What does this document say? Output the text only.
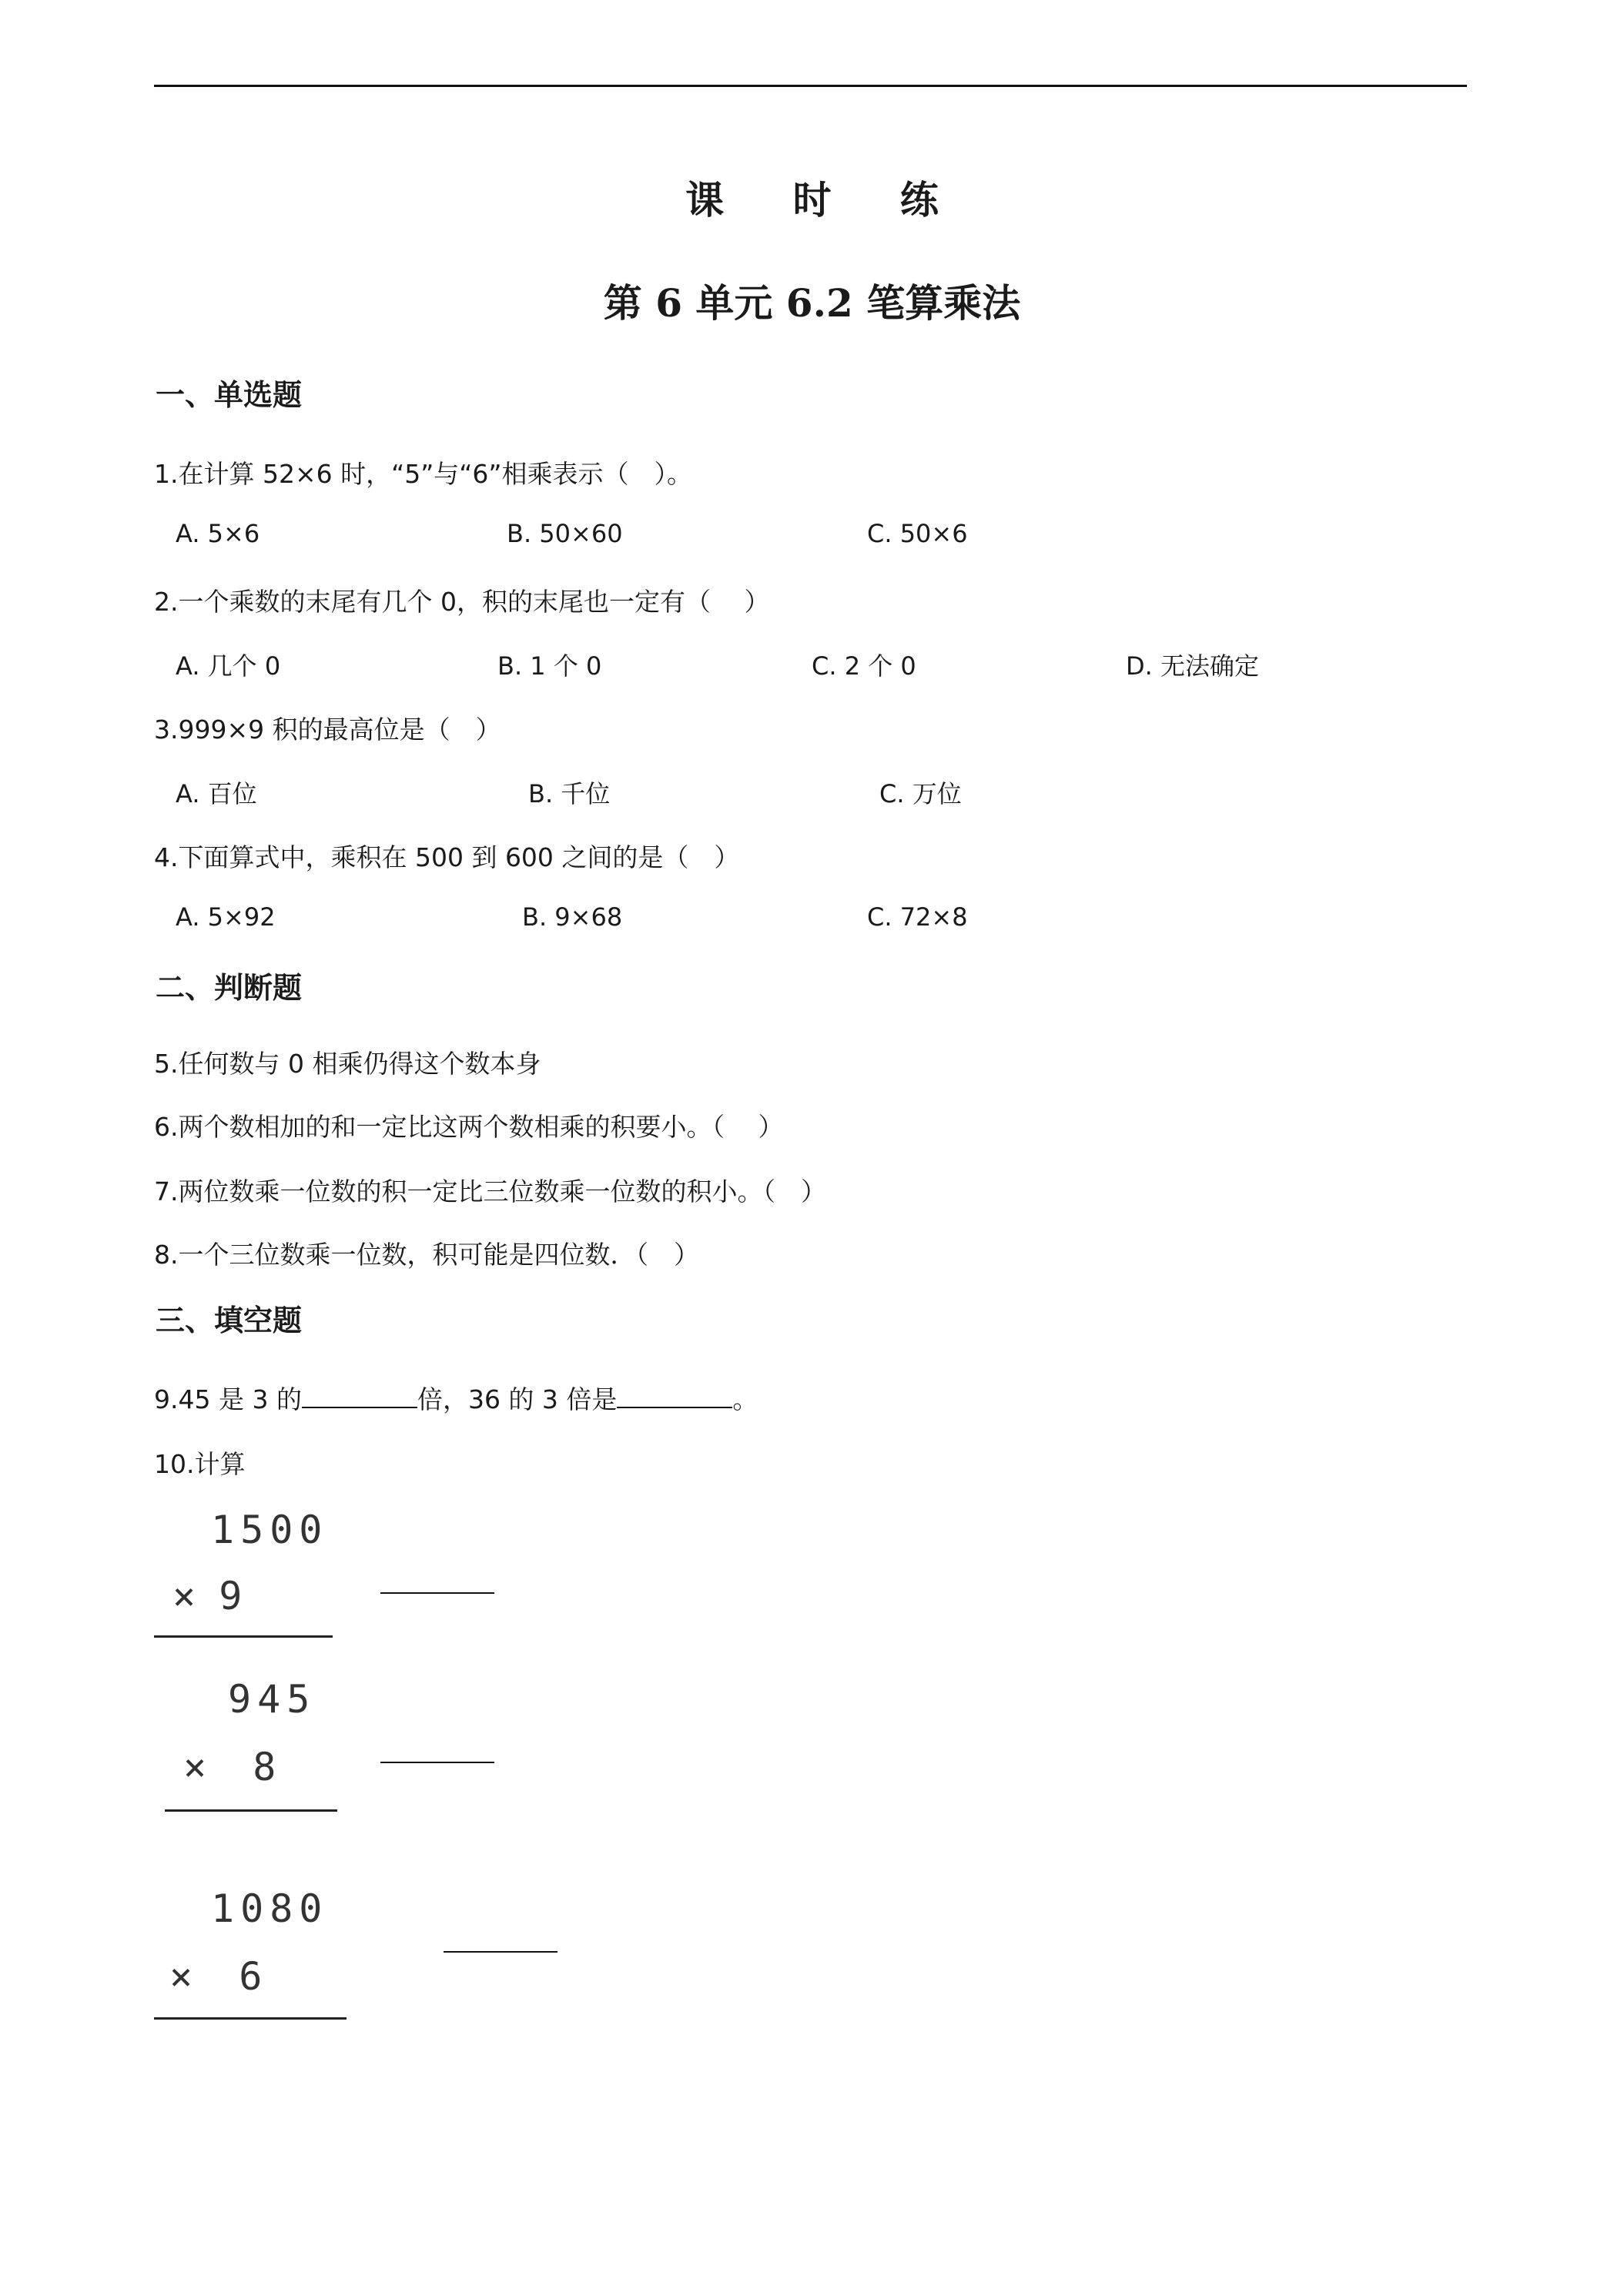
课 时 练
第 6 单元 6.2 笔算乘法
一、单选题
1.在计算 52×6 时，“5”与“6”相乘表示（　）。
A. 5×6	B. 50×60	C. 50×6
2.一个乘数的末尾有几个 0，积的末尾也一定有（　 ）
A. 几个 0	B. 1 个 0	C. 2 个 0	D. 无法确定
3.999×9 积的最高位是（　）
A. 百位	B. 千位	C. 万位
4.下面算式中，乘积在 500 到 600 之间的是（　）
A. 5×92	B. 9×68	C. 72×8
二、判断题
5.任何数与 0 相乘仍得这个数本身
6.两个数相加的和一定比这两个数相乘的积要小。（　 ）
7.两位数乘一位数的积一定比三位数乘一位数的积小。（　）
8.一个三位数乘一位数，积可能是四位数．（　）
三、填空题
9.45 是 3 的	倍，36 的 3 倍是	。
10.计算
1500
× 9
945
×  8
1080
×  6
